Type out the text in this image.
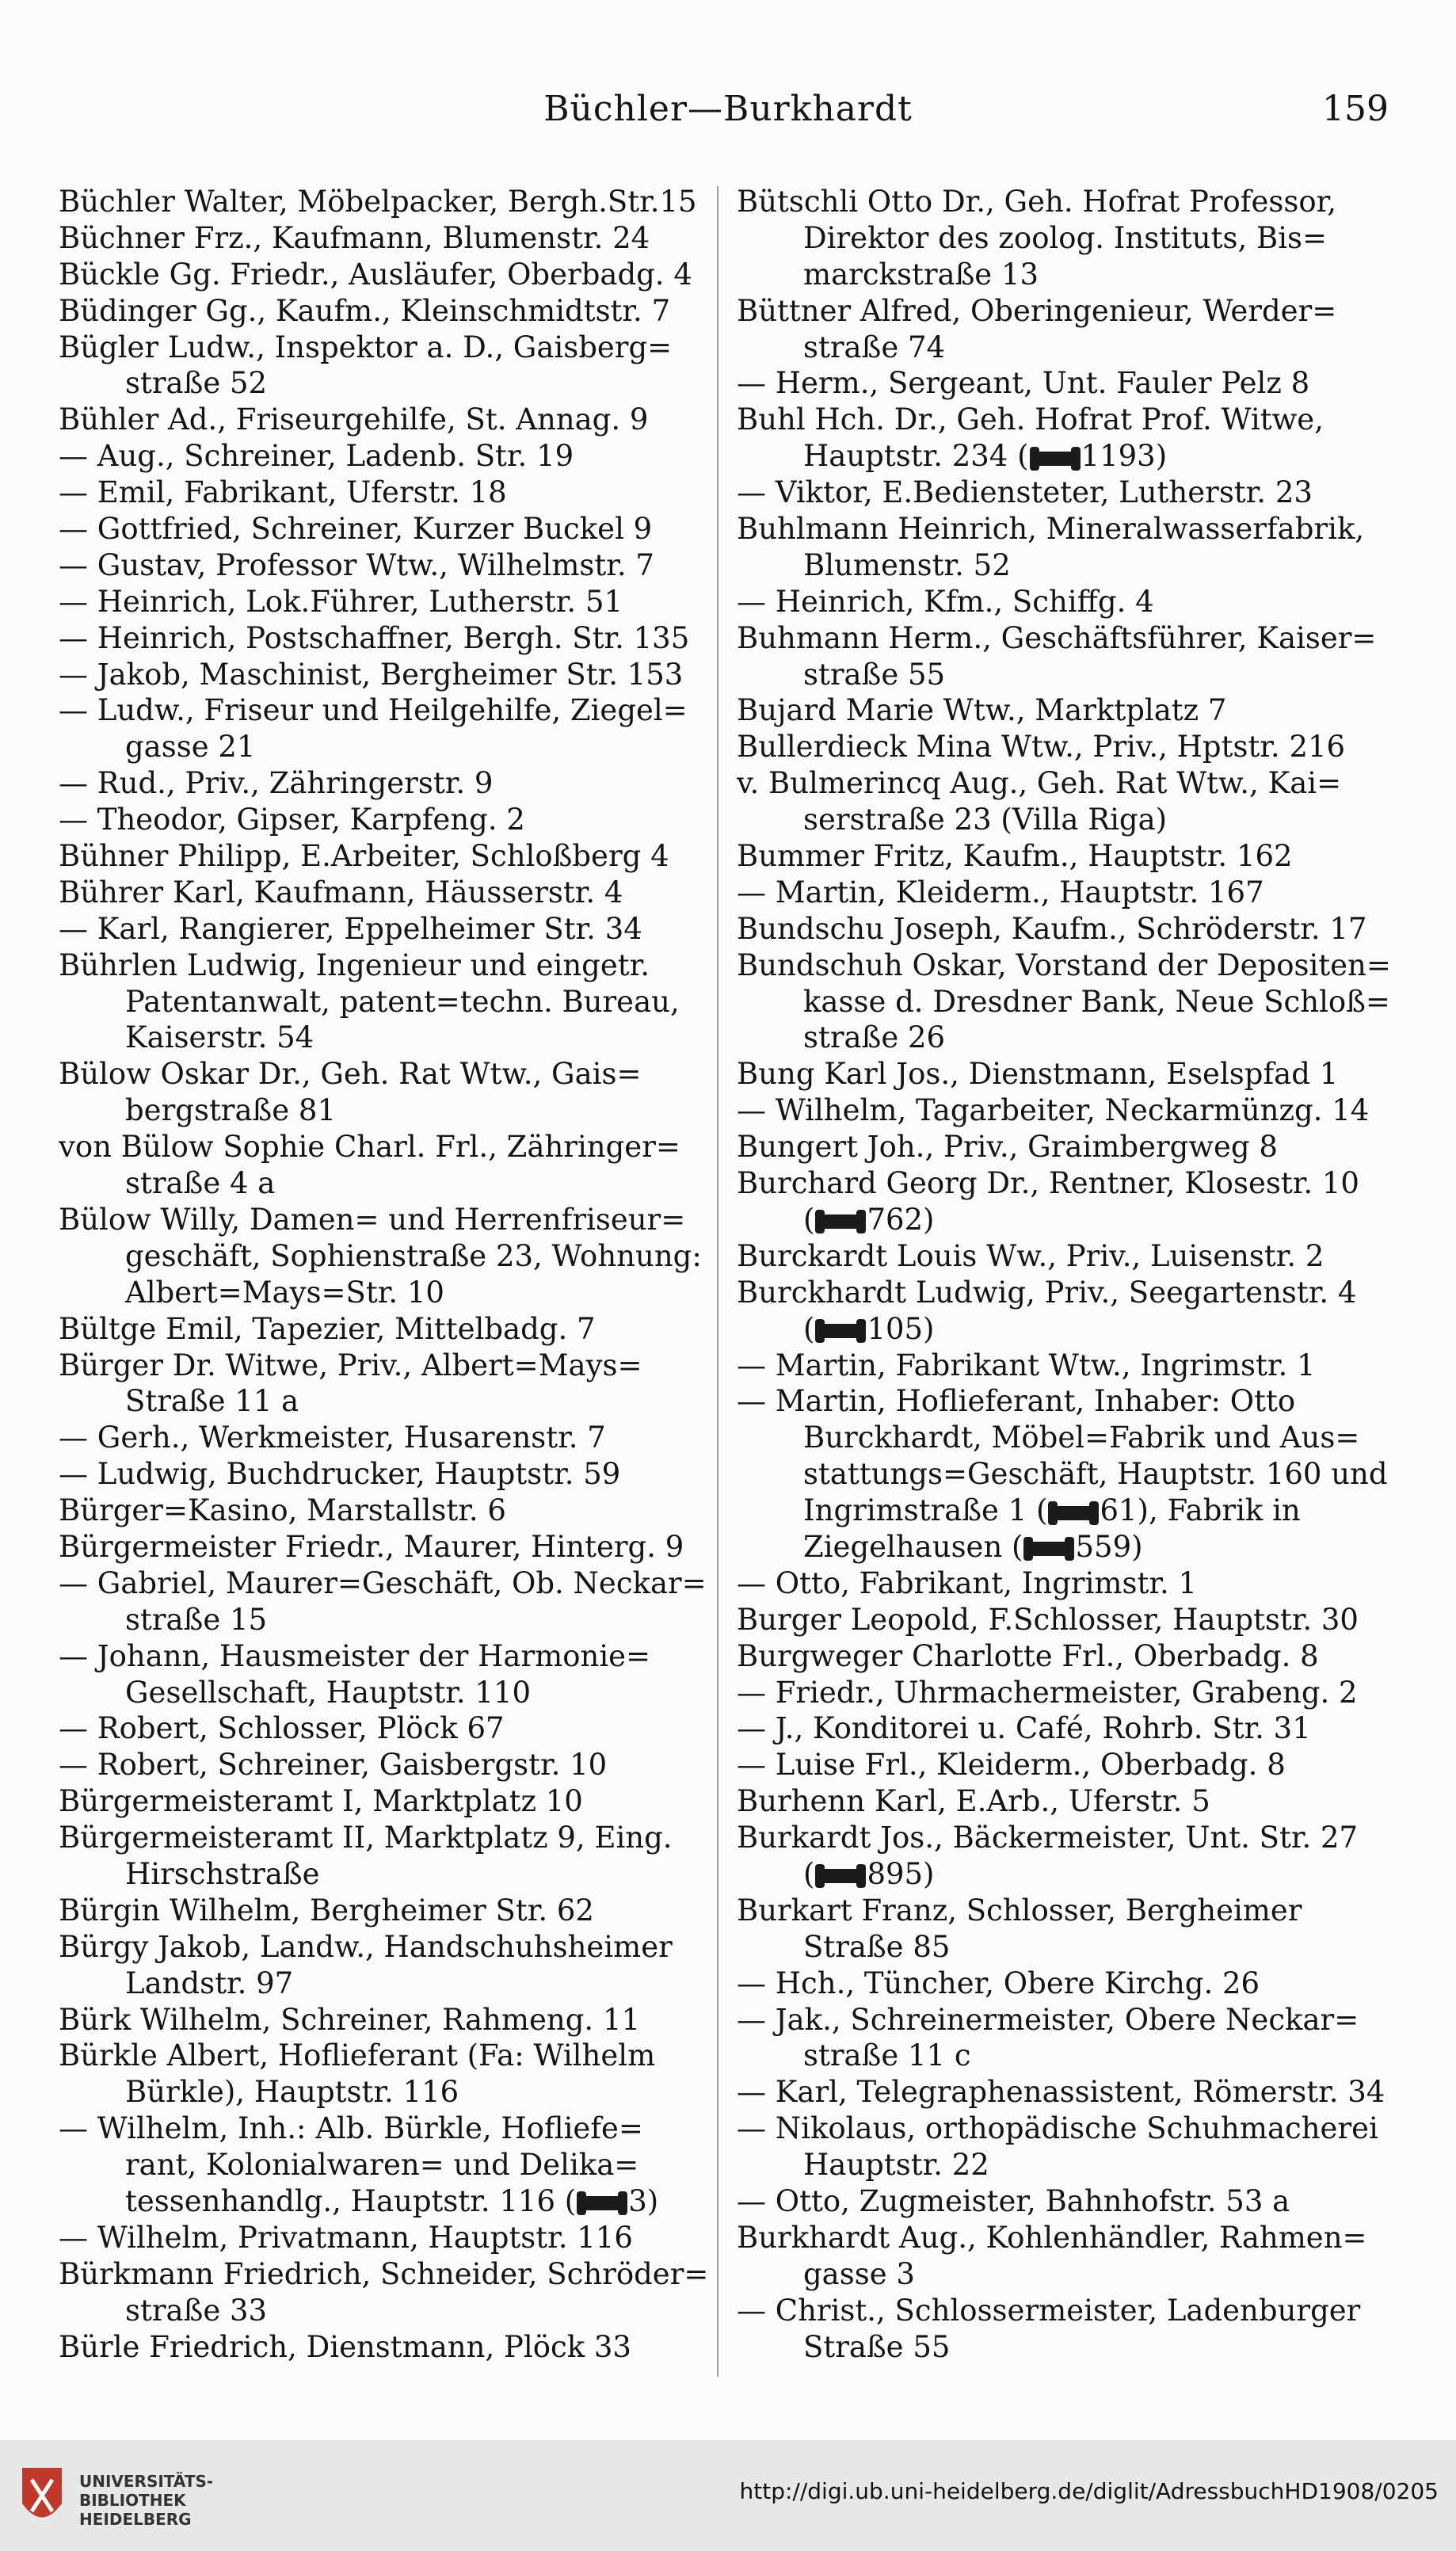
Büchler—Burkhardt	159
Büchler Walter, Möbelpacker, Bergh.Str.15
Büchner Frz., Kaufmann, Blumenstr. 24
Bückle Gg. Friedr., Ausläufer, Oberbadg. 4
Büdinger Gg., Kaufm., Kleinschmidtstr. 7
Bügler Ludw., Inspektor a. D., Gaisberg=
straße 52
Bühler Ad., Friseurgehilfe, St. Annag. 9
— Aug., Schreiner, Ladenb. Str. 19
— Emil, Fabrikant, Uferstr. 18
— Gottfried, Schreiner, Kurzer Buckel 9
— Gustav, Professor Wtw., Wilhelmstr. 7
— Heinrich, Lok.Führer, Lutherstr. 51
— Heinrich, Postschaffner, Bergh. Str. 135
— Jakob, Maschinist, Bergheimer Str. 153
— Ludw., Friseur und Heilgehilfe, Ziegel=
gasse 21
— Rud., Priv., Zähringerstr. 9
— Theodor, Gipser, Karpfeng. 2
Bühner Philipp, E.Arbeiter, Schloßberg 4
Bührer Karl, Kaufmann, Häusserstr. 4
— Karl, Rangierer, Eppelheimer Str. 34
Bührlen Ludwig, Ingenieur und eingetr.
Patentanwalt, patent=techn. Bureau,
Kaiserstr. 54
Bülow Oskar Dr., Geh. Rat Wtw., Gais=
bergstraße 81
von Bülow Sophie Charl. Frl., Zähringer=
straße 4 a
Bülow Willy, Damen= und Herrenfriseur=
geschäft, Sophienstraße 23, Wohnung:
Albert=Mays=Str. 10
Bültge Emil, Tapezier, Mittelbadg. 7
Bürger Dr. Witwe, Priv., Albert=Mays=
Straße 11 a
— Gerh., Werkmeister, Husarenstr. 7
— Ludwig, Buchdrucker, Hauptstr. 59
Bürger=Kasino, Marstallstr. 6
Bürgermeister Friedr., Maurer, Hinterg. 9
— Gabriel, Maurer=Geschäft, Ob. Neckar=
straße 15
— Johann, Hausmeister der Harmonie=
Gesellschaft, Hauptstr. 110
— Robert, Schlosser, Plöck 67
— Robert, Schreiner, Gaisbergstr. 10
Bürgermeisteramt I, Marktplatz 10
Bürgermeisteramt II, Marktplatz 9, Eing.
Hirschstraße
Bürgin Wilhelm, Bergheimer Str. 62
Bürgy Jakob, Landw., Handschuhsheimer
Landstr. 97
Bürk Wilhelm, Schreiner, Rahmeng. 11
Bürkle Albert, Hoflieferant (Fa: Wilhelm
Bürkle), Hauptstr. 116
— Wilhelm, Inh.: Alb. Bürkle, Hofliefe=
rant, Kolonialwaren= und Delika=
tessenhandlg., Hauptstr. 116 ( 3)
— Wilhelm, Privatmann, Hauptstr. 116
Bürkmann Friedrich, Schneider, Schröder=
straße 33
Bürle Friedrich, Dienstmann, Plöck 33
Bütschli Otto Dr., Geh. Hofrat Professor,
Direktor des zoolog. Instituts, Bis=
marckstraße 13
Büttner Alfred, Oberingenieur, Werder=
straße 74
— Herm., Sergeant, Unt. Fauler Pelz 8
Buhl Hch. Dr., Geh. Hofrat Prof. Witwe,
Hauptstr. 234 ( 1193)
— Viktor, E.Bediensteter, Lutherstr. 23
Buhlmann Heinrich, Mineralwasserfabrik,
Blumenstr. 52
— Heinrich, Kfm., Schiffg. 4
Buhmann Herm., Geschäftsführer, Kaiser=
straße 55
Bujard Marie Wtw., Marktplatz 7
Bullerdieck Mina Wtw., Priv., Hptstr. 216
v. Bulmerincq Aug., Geh. Rat Wtw., Kai=
serstraße 23 (Villa Riga)
Bummer Fritz, Kaufm., Hauptstr. 162
— Martin, Kleiderm., Hauptstr. 167
Bundschu Joseph, Kaufm., Schröderstr. 17
Bundschuh Oskar, Vorstand der Depositen=
kasse d. Dresdner Bank, Neue Schloß=
straße 26
Bung Karl Jos., Dienstmann, Eselspfad 1
— Wilhelm, Tagarbeiter, Neckarmünzg. 14
Bungert Joh., Priv., Graimbergweg 8
Burchard Georg Dr., Rentner, Klosestr. 10
( 762)
Burckardt Louis Ww., Priv., Luisenstr. 2
Burckhardt Ludwig, Priv., Seegartenstr. 4
( 105)
— Martin, Fabrikant Wtw., Ingrimstr. 1
— Martin, Hoflieferant, Inhaber: Otto
Burckhardt, Möbel=Fabrik und Aus=
stattungs=Geschäft, Hauptstr. 160 und
Ingrimstraße 1 ( 61), Fabrik in
Ziegelhausen ( 559)
— Otto, Fabrikant, Ingrimstr. 1
Burger Leopold, F.Schlosser, Hauptstr. 30
Burgweger Charlotte Frl., Oberbadg. 8
— Friedr., Uhrmachermeister, Grabeng. 2
— J., Konditorei u. Café, Rohrb. Str. 31
— Luise Frl., Kleiderm., Oberbadg. 8
Burhenn Karl, E.Arb., Uferstr. 5
Burkardt Jos., Bäckermeister, Unt. Str. 27
( 895)
Burkart Franz, Schlosser, Bergheimer
Straße 85
— Hch., Tüncher, Obere Kirchg. 26
— Jak., Schreinermeister, Obere Neckar=
straße 11 c
— Karl, Telegraphenassistent, Römerstr. 34
— Nikolaus, orthopädische Schuhmacherei
Hauptstr. 22
— Otto, Zugmeister, Bahnhofstr. 53 a
Burkhardt Aug., Kohlenhändler, Rahmen=
gasse 3
— Christ., Schlossermeister, Ladenburger
Straße 55
UNIVERSITÄTS-
BIBLIOTHEK
HEIDELBERG
http://digi.ub.uni-heidelberg.de/diglit/AdressbuchHD1908/0205
